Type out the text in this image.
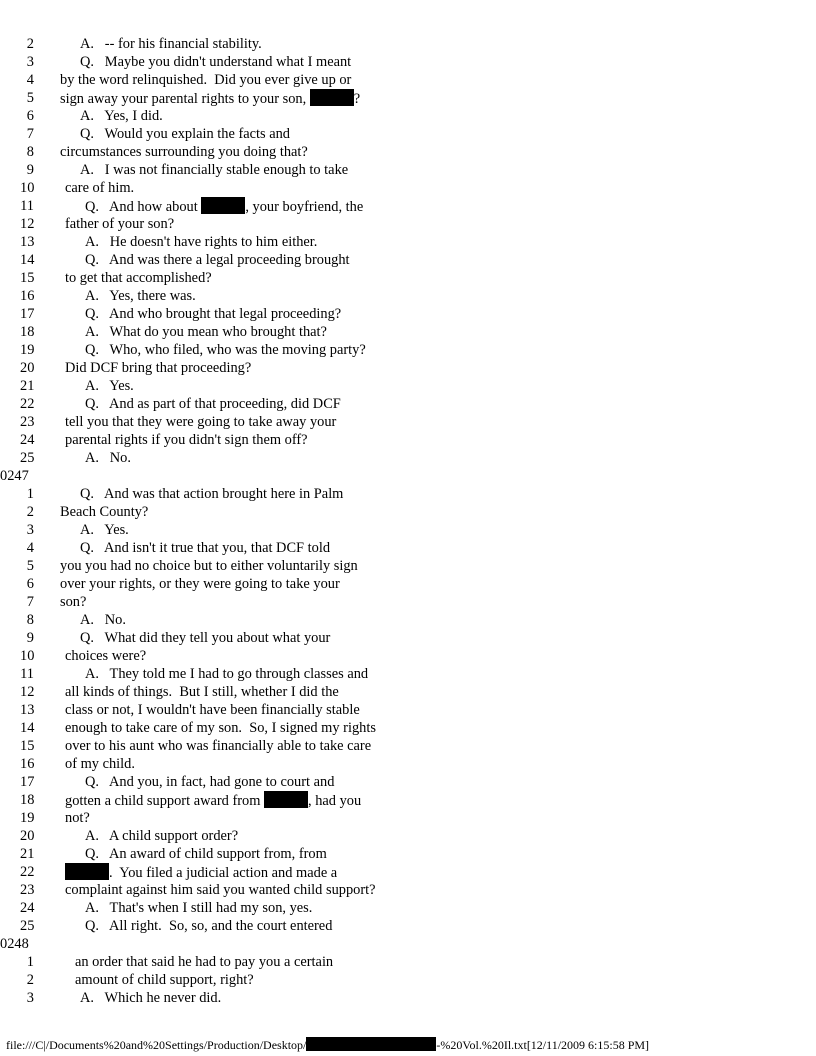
2	A.   -- for his financial stability.
3	Q.   Maybe you didn't understand what I meant
4 by the word relinquished.  Did you ever give up or
5 sign away your parental rights to your son,	?
6	A.   Yes, I did.
7	Q.   Would you explain the facts and
8 circumstances surrounding you doing that?
9	A.   I was not financially stable enough to take
10 care of him.
11	Q.   And how about	, your boyfriend, the
12 father of your son?
13	A.   He doesn't have rights to him either.
14	Q.   And was there a legal proceeding brought
15 to get that accomplished?
16	A.   Yes, there was.
17	Q.   And who brought that legal proceeding?
18	A.   What do you mean who brought that?
19	Q.   Who, who filed, who was the moving party?
20 Did DCF bring that proceeding?
21	A.   Yes.
22	Q.   And as part of that proceeding, did DCF
23 tell you that they were going to take away your
24 parental rights if you didn't sign them off?
25	A.   No.
0247
1	Q.   And was that action brought here in Palm
2 Beach County?
3	A.   Yes.
4	Q.   And isn't it true that you, that DCF told
5 you you had no choice but to either voluntarily sign
6 over your rights, or they were going to take your
7 son?
8	A.   No.
9	Q.   What did they tell you about what your
10 choices were?
11	A.   They told me I had to go through classes and
12 all kinds of things.  But I still, whether I did the
13 class or not, I wouldn't have been financially stable
14 enough to take care of my son.  So, I signed my rights
15 over to his aunt who was financially able to take care
16 of my child.
17	Q.   And you, in fact, had gone to court and
18 gotten a child support award from	, had you
19 not?
20	A.   A child support order?
21	Q.   An award of child support from, from
22	.  You filed a judicial action and made a
23 complaint against him said you wanted child support?
24	A.   That's when I still had my son, yes.
25	Q.   All right.  So, so, and the court entered
0248
1	an order that said he had to pay you a certain
2	amount of child support, right?
3	A.   Which he never did.
file:///C|/Documents%20and%20Settings/Production/Desktop/	-%20Vol.%20Il.txt[12/11/2009 6:15:58 PM]
